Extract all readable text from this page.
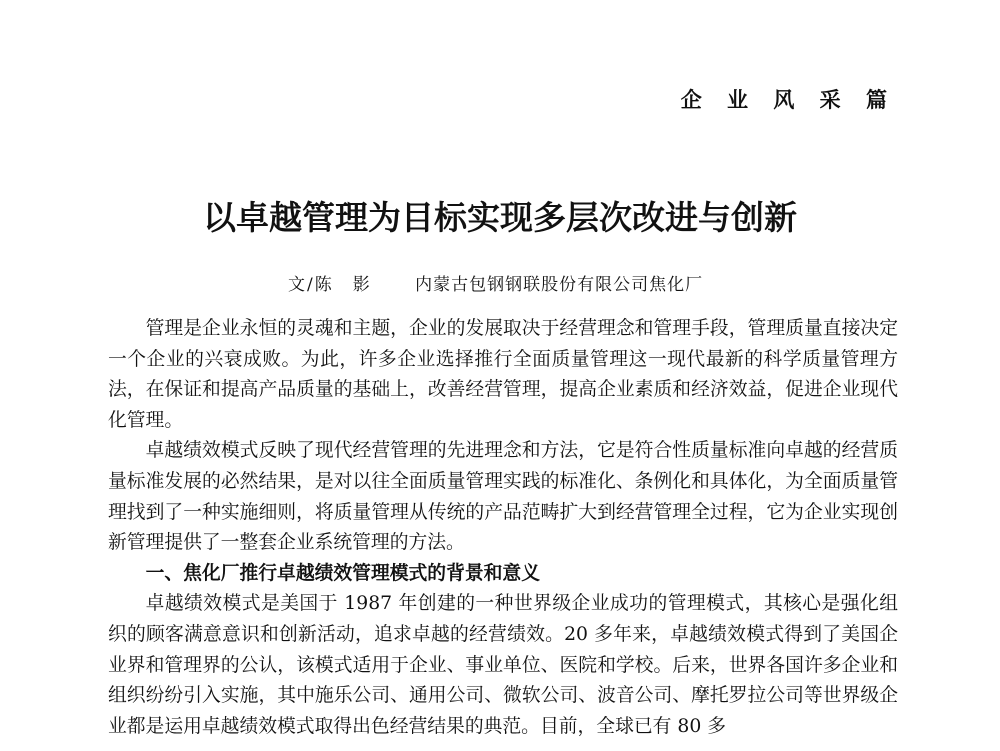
企 业 风 采 篇
以卓越管理为目标实现多层次改进与创新
文/陈　影	内蒙古包钢钢联股份有限公司焦化厂

管理是企业永恒的灵魂和主题，企业的发展取决于经营理念和管理手段，管理质量直接决定一个企业的兴衰成败。为此，许多企业选择推行全面质量管理这一现代最新的科学质量管理方法，在保证和提高产品质量的基础上，改善经营管理，提高企业素质和经济效益，促进企业现代化管理。

卓越绩效模式反映了现代经营管理的先进理念和方法，它是符合性质量标准向卓越的经营质量标准发展的必然结果，是对以往全面质量管理实践的标准化、条例化和具体化，为全面质量管理找到了一种实施细则，将质量管理从传统的产品范畴扩大到经营管理全过程，它为企业实现创新管理提供了一整套企业系统管理的方法。

一、焦化厂推行卓越绩效管理模式的背景和意义

卓越绩效模式是美国于 1987 年创建的一种世界级企业成功的管理模式，其核心是强化组织的顾客满意意识和创新活动，追求卓越的经营绩效。20 多年来，卓越绩效模式得到了美国企业界和管理界的公认，该模式适用于企业、事业单位、医院和学校。后来，世界各国许多企业和组织纷纷引入实施，其中施乐公司、通用公司、微软公司、波音公司、摩托罗拉公司等世界级企业都是运用卓越绩效模式取得出色经营结果的典范。目前，全球已有 80 多
